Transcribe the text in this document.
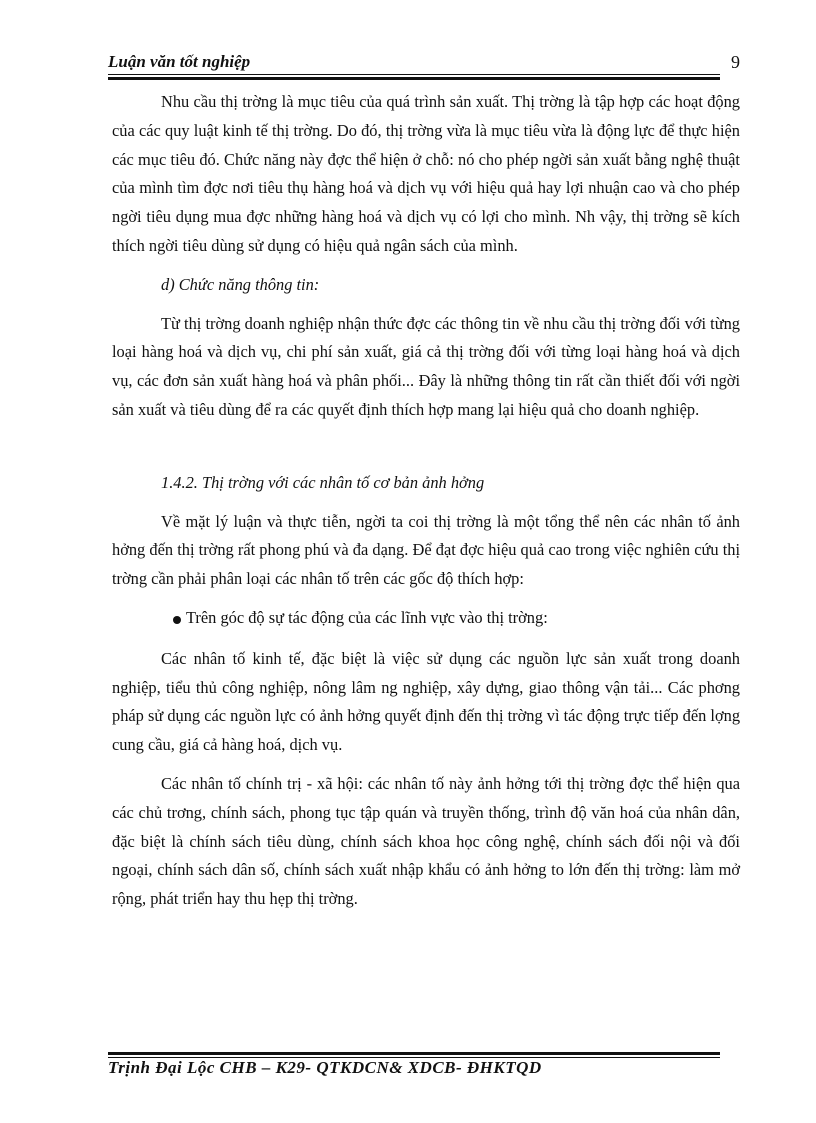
Luận văn tốt nghiệp	9

Nhu cầu thị trờng là mục tiêu của quá trình sản xuất. Thị trờng là tập hợp các hoạt động của các quy luật kinh tế thị trờng. Do đó, thị trờng vừa là mục tiêu vừa là động lực để thực hiện các mục tiêu đó. Chức năng này đợc thể hiện ở chỗ: nó cho phép ngời sản xuất bằng nghệ thuật của mình tìm đợc nơi tiêu thụ hàng hoá và dịch vụ với hiệu quả hay lợi nhuận cao và cho phép ngời tiêu dụng mua đợc những hàng hoá và dịch vụ có lợi cho mình. Nh vậy, thị trờng sẽ kích thích ngời tiêu dùng sử dụng có hiệu quả ngân sách của mình.

d) Chức năng thông tin:

Từ thị trờng doanh nghiệp nhận thức đợc các thông tin về nhu cầu thị trờng đối với từng loại hàng hoá và dịch vụ, chi phí sản xuất, giá cả thị trờng đối với từng loại hàng hoá và dịch vụ, các đơn sản xuất hàng hoá và phân phối... Đây là những thông tin rất cần thiết đối với ngời sản xuất và tiêu dùng để ra các quyết định thích hợp mang lại hiệu quả cho doanh nghiệp.

1.4.2. Thị trờng với các nhân tố cơ bản ảnh hởng

Về mặt lý luận và thực tiễn, ngời ta coi thị trờng là một tổng thể nên các nhân tố ảnh hởng đến thị trờng rất phong phú và đa dạng. Để đạt đợc hiệu quả cao trong việc nghiên cứu thị trờng cần phải phân loại các nhân tố trên các gốc độ thích hợp:

Trên góc độ sự tác động của các lĩnh vực vào thị trờng:

Các nhân tố kinh tế, đặc biệt là việc sử dụng các nguồn lực sản xuất trong doanh nghiệp, tiểu thủ công nghiệp, nông lâm ng nghiệp, xây dựng, giao thông vận tải... Các phơng pháp sử dụng các nguồn lực có ảnh hởng quyết định đến thị trờng vì tác động trực tiếp đến lợng cung cầu, giá cả hàng hoá, dịch vụ.

Các nhân tố chính trị - xã hội: các nhân tố này ảnh hởng tới thị trờng đợc thể hiện qua các chủ trơng, chính sách, phong tục tập quán và truyền thống, trình độ văn hoá của nhân dân, đặc biệt là chính sách tiêu dùng, chính sách khoa học công nghệ, chính sách đối nội và đối ngoại, chính sách dân số, chính sách xuất nhập khẩu có ảnh hởng to lớn đến thị trờng: làm mở rộng, phát triển hay thu hẹp thị trờng.

Trịnh Đại Lộc CHB – K29- QTKDCN& XDCB- ĐHKTQD
